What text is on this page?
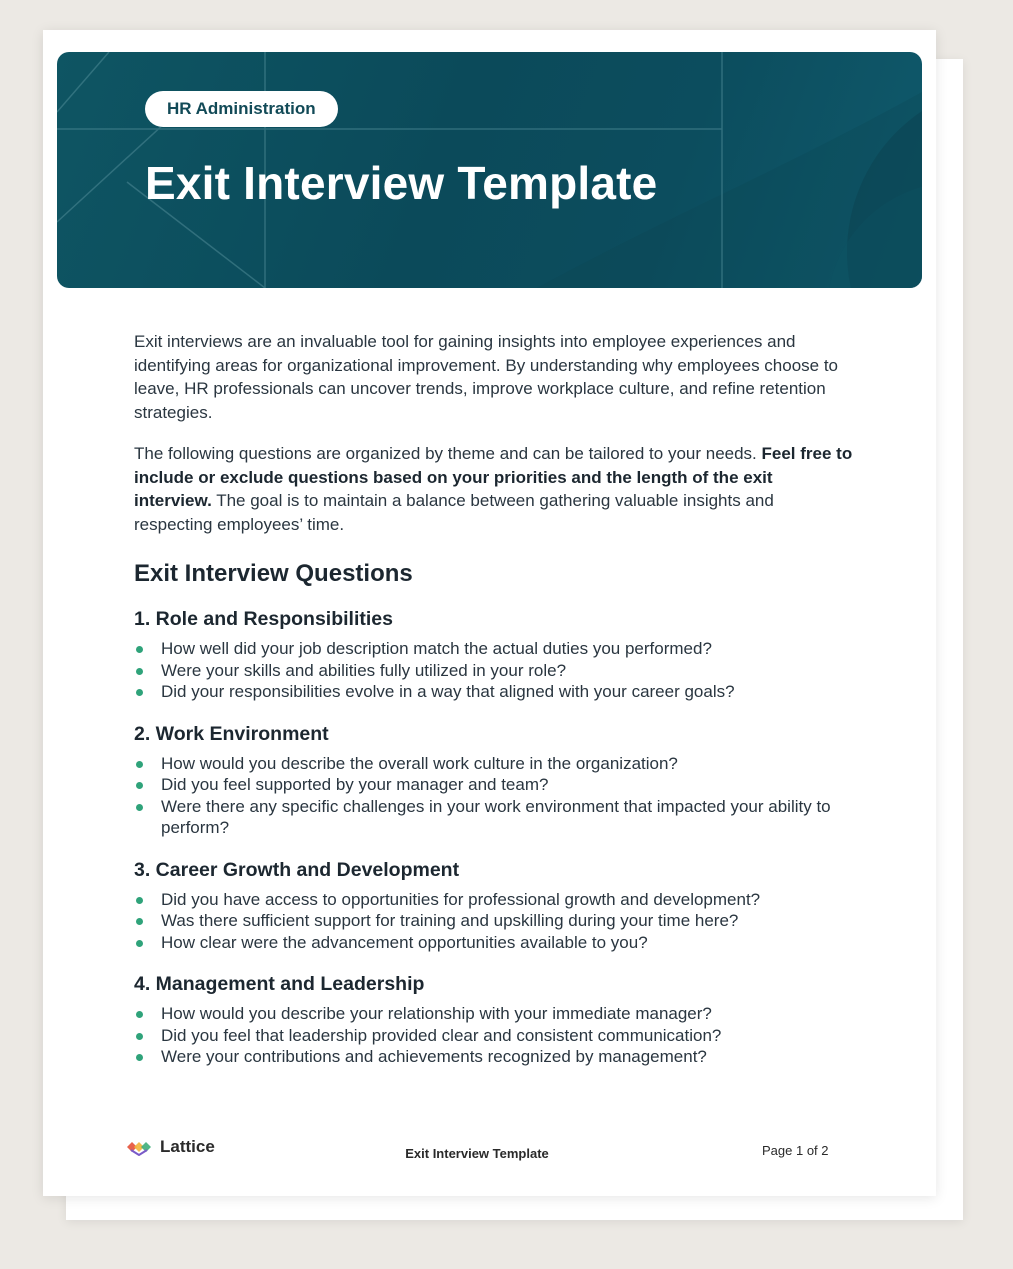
HR Administration
Exit Interview Template

Exit interviews are an invaluable tool for gaining insights into employee experiences and identifying areas for organizational improvement. By understanding why employees choose to leave, HR professionals can uncover trends, improve workplace culture, and refine retention strategies.

The following questions are organized by theme and can be tailored to your needs. Feel free to include or exclude questions based on your priorities and the length of the exit interview. The goal is to maintain a balance between gathering valuable insights and respecting employees’ time.

Exit Interview Questions
1. Role and Responsibilities
How well did your job description match the actual duties you performed?
Were your skills and abilities fully utilized in your role?
Did your responsibilities evolve in a way that aligned with your career goals?
2. Work Environment
How would you describe the overall work culture in the organization?
Did you feel supported by your manager and team?
Were there any specific challenges in your work environment that impacted your ability to perform?
3. Career Growth and Development
Did you have access to opportunities for professional growth and development?
Was there sufficient support for training and upskilling during your time here?
How clear were the advancement opportunities available to you?
4. Management and Leadership
How would you describe your relationship with your immediate manager?
Did you feel that leadership provided clear and consistent communication?
Were your contributions and achievements recognized by management?
Lattice	Exit Interview Template	Page 1 of 2
